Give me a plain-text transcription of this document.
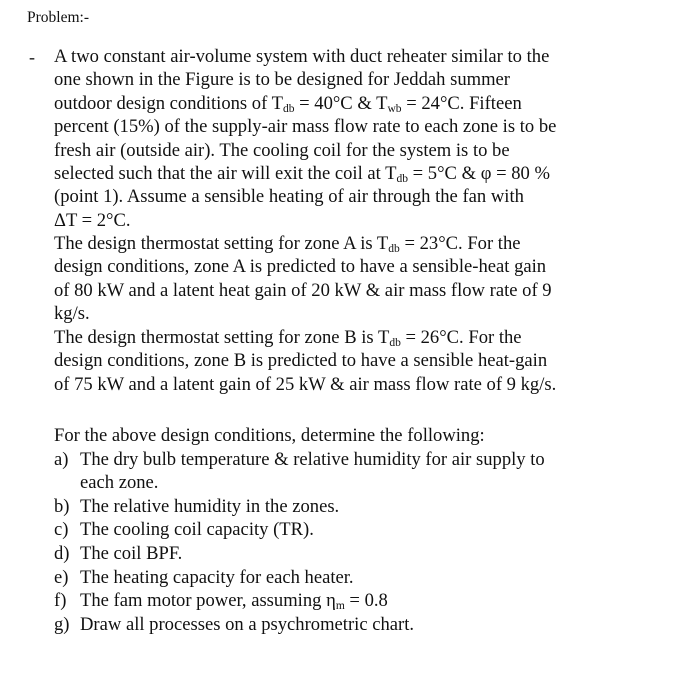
Problem:-
- A two constant air-volume system with duct reheater similar to the
one shown in the Figure is to be designed for Jeddah summer
outdoor design conditions of $T_{db} = 40^\circ C$ & $T_{wb} = 24^\circ C$. Fifteen
percent (15%) of the supply-air mass flow rate to each zone is to be
fresh air (outside air). The cooling coil for the system is to be
selected such that the air will exit the coil at $T_{db} = 5^\circ C$ & φ = 80 %
(point 1). Assume a sensible heating of air through the fan with
ΔT = 2°C.
The design thermostat setting for zone A is $T_{db} = 23^\circ C$. For the
design conditions, zone A is predicted to have a sensible-heat gain
of 80 kW and a latent heat gain of 20 kW & air mass flow rate of 9
kg/s.
The design thermostat setting for zone B is $T_{db} = 26^\circ C$. For the
design conditions, zone B is predicted to have a sensible heat-gain
of 75 kW and a latent gain of 25 kW & air mass flow rate of 9 kg/s.
For the above design conditions, determine the following:
a) The dry bulb temperature & relative humidity for air supply to
each zone.
b) The relative humidity in the zones.
c) The cooling coil capacity (TR).
d) The coil BPF.
e) The heating capacity for each heater.
f) The fam motor power, assuming $\eta_m = 0.8$
g) Draw all processes on a psychrometric chart.
